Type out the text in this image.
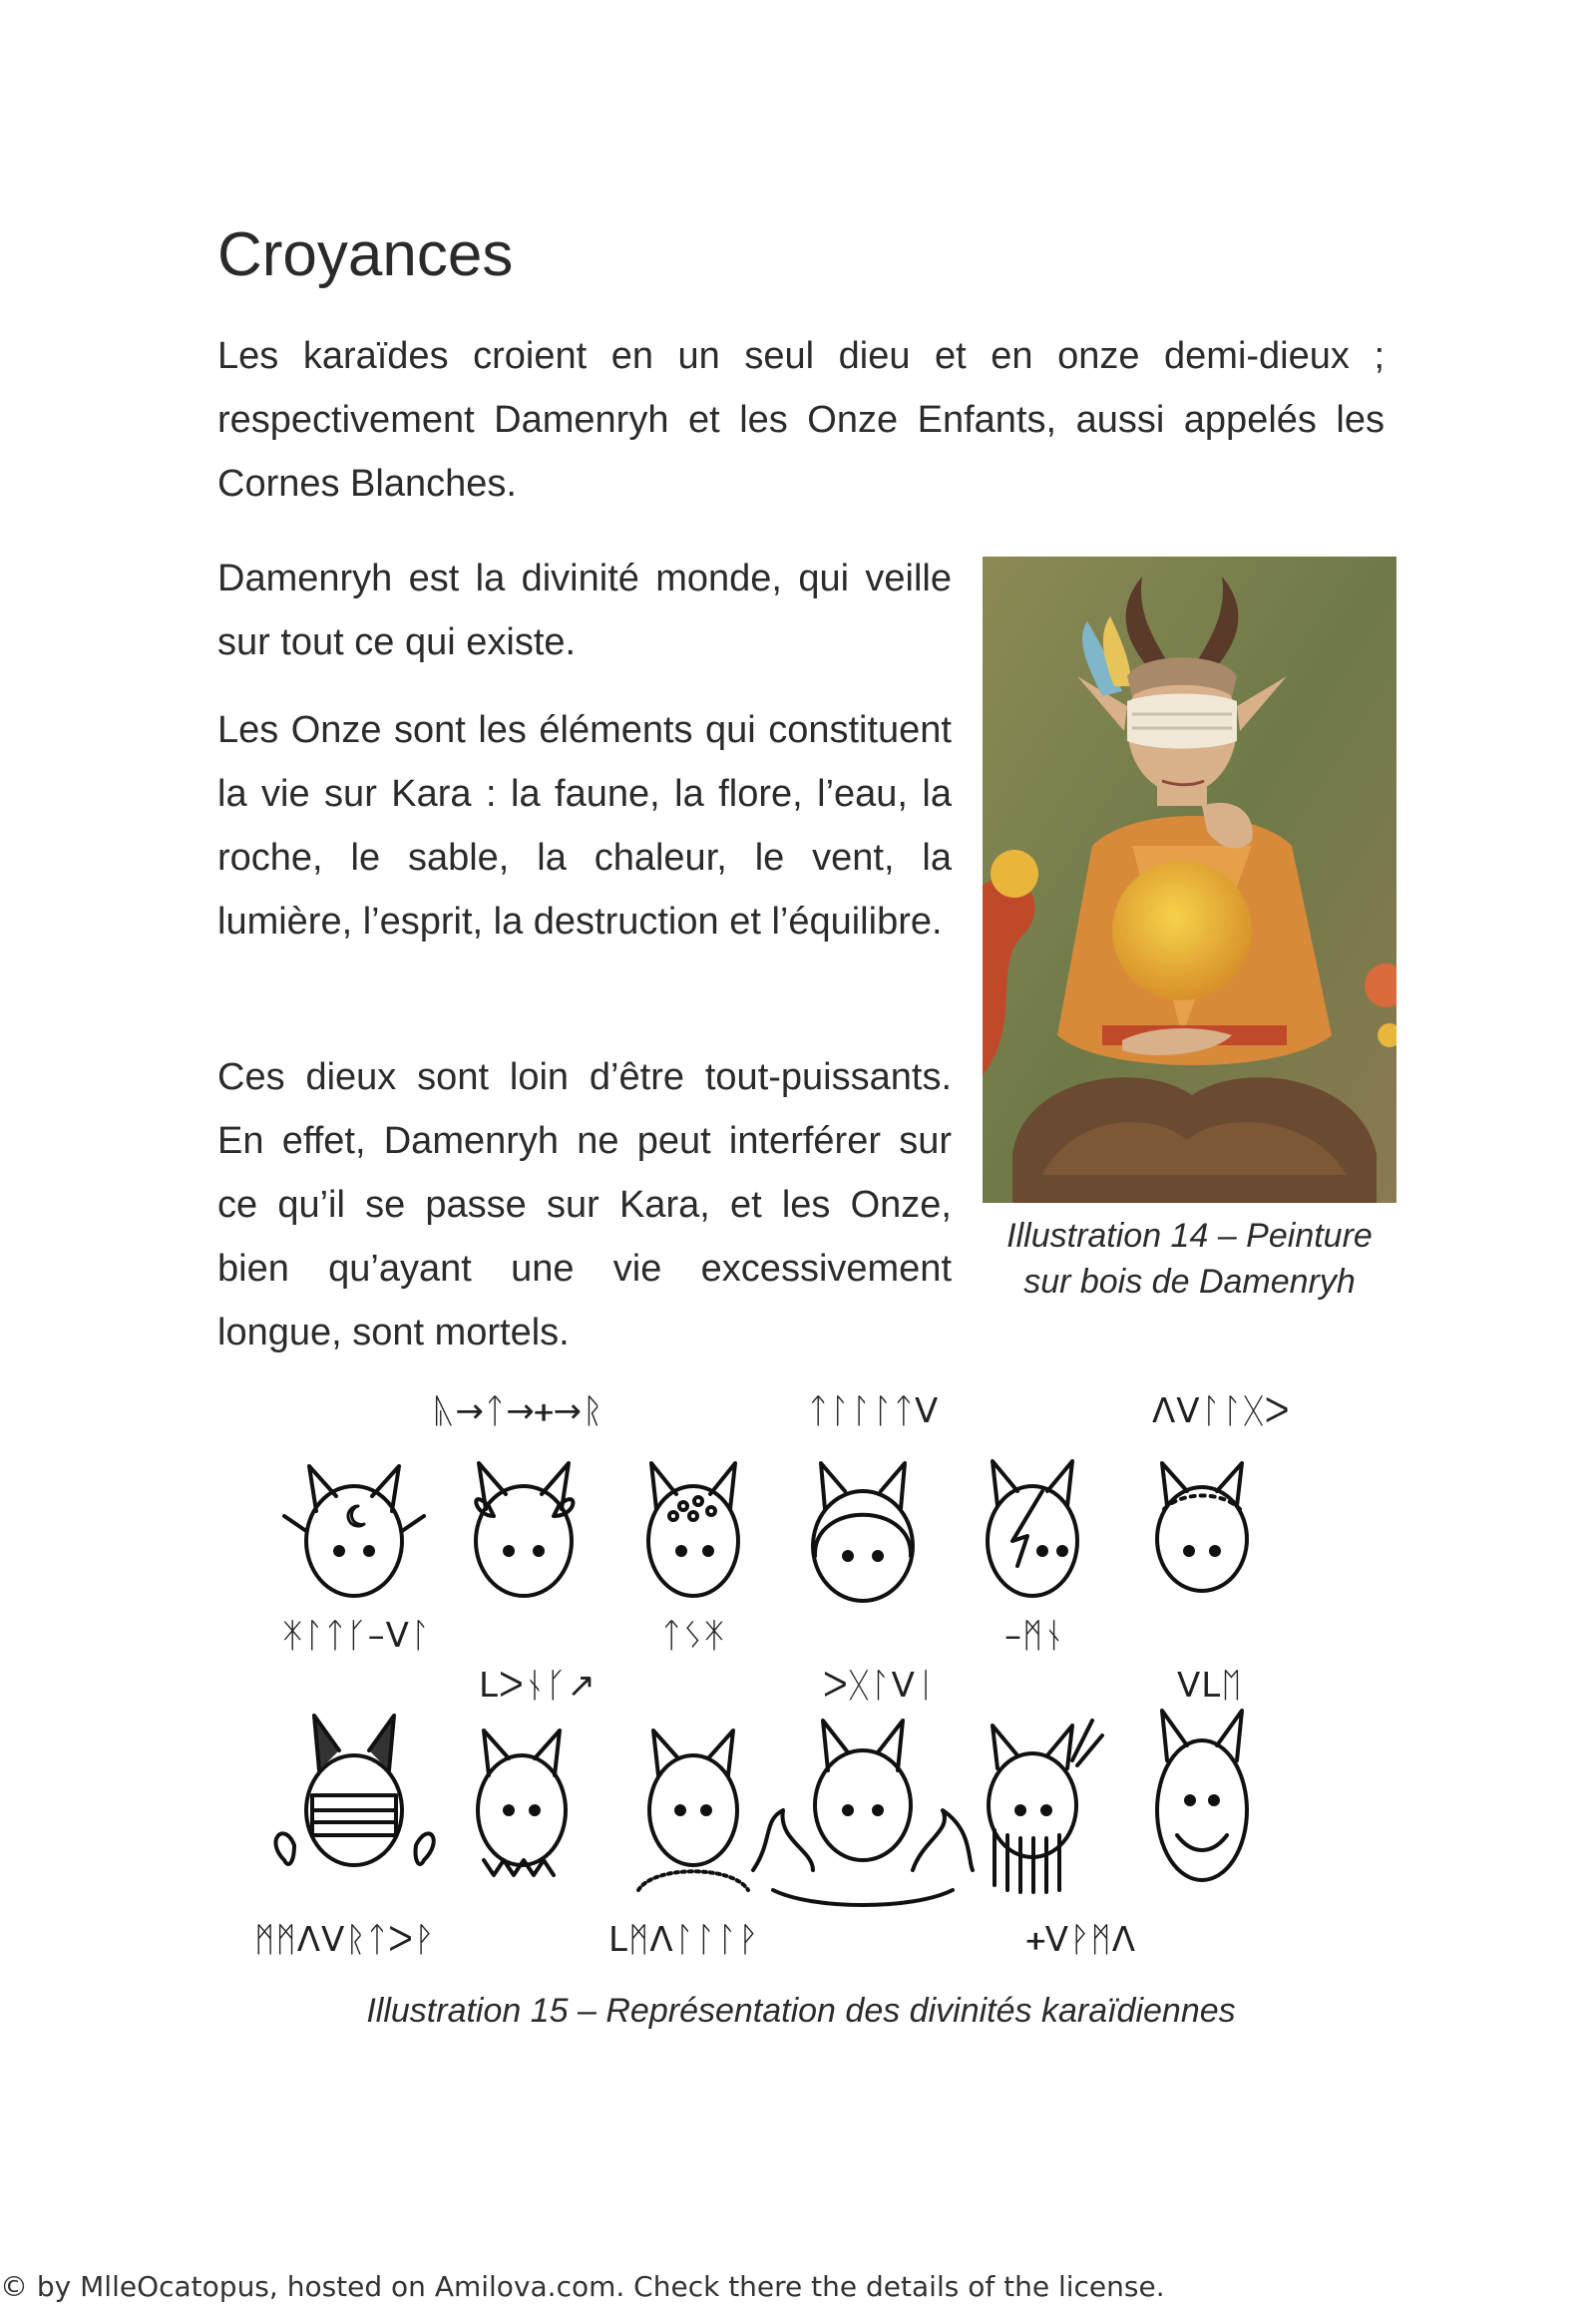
Croyances

Les karaïdes croient en un seul dieu et en onze demi-dieux ; respectivement Damenryh et les Onze Enfants, aussi appelés les Cornes Blanches.

Damenryh est la divinité monde, qui veille sur tout ce qui existe.

Les Onze sont les éléments qui constituent la vie sur Kara : la faune, la flore, l’eau, la roche, le sable, la chaleur, le vent, la lumière, l’esprit, la destruction et l’équilibre.

Ces dieux sont loin d’être tout-puissants. En effet, Damenryh ne peut interférer sur ce qu’il se passe sur Kara, et les Onze, bien qu’ayant une vie excessivement longue, sont mortels.

Illustration 14 – Peinture

sur bois de Damenryh

ᚣ→ᛏ→ᚐ→ᚱ	ᛏᛚᛚᛚᛏᐯ	ᐱᐯᛚᛚᚷᐳ
ᛡᛚᛏᚴ–ᐯᛚ	ᛏᛊᛡ	–ᛗᚾ
ᒪᐳᚾᚴ↗	ᐳᚷᛚᐯᛁ	ᐯᒪᛖ
ᛗᛗᐱᐯᚱᛏᐳᚹ	ᒪᛗᐱᛚᛚᛚᚹ	ᚐᐯᚹᛗᐱ

Illustration 15 – Représentation des divinités karaïdiennes

© by MlleOcatopus, hosted on Amilova.com. Check there the details of the license.
